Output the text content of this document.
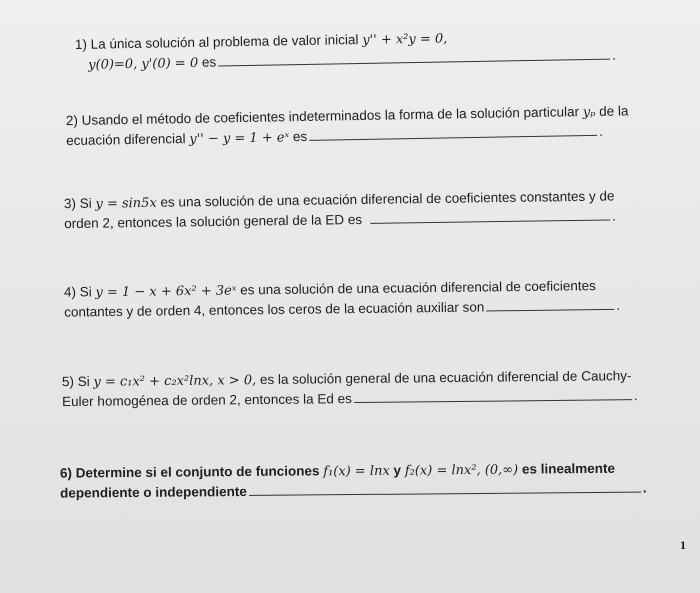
1) La única solución al problema de valor inicial y'' + x²y = 0,
y(0)=0, y'(0) = 0 es	.
2) Usando el método de coeficientes indeterminados la forma de la solución particular yₚ de la
ecuación diferencial y'' − y = 1 + eˣ es	.
3) Si y = sin5x es una solución de una ecuación diferencial de coeficientes constantes y de
orden 2, entonces la solución general de la ED es	.
4) Si y = 1 − x + 6x² + 3eˣ es una solución de una ecuación diferencial de coeficientes
contantes y de orden 4, entonces los ceros de la ecuación auxiliar son	.
5) Si y = c₁x² + c₂x²lnx, x > 0, es la solución general de una ecuación diferencial de Cauchy-
Euler homogénea de orden 2, entonces la Ed es	.
6) Determine si el conjunto de funciones f₁(x) = lnx y f₂(x) = lnx², (0,∞) es linealmente
dependiente o independiente	.
1
